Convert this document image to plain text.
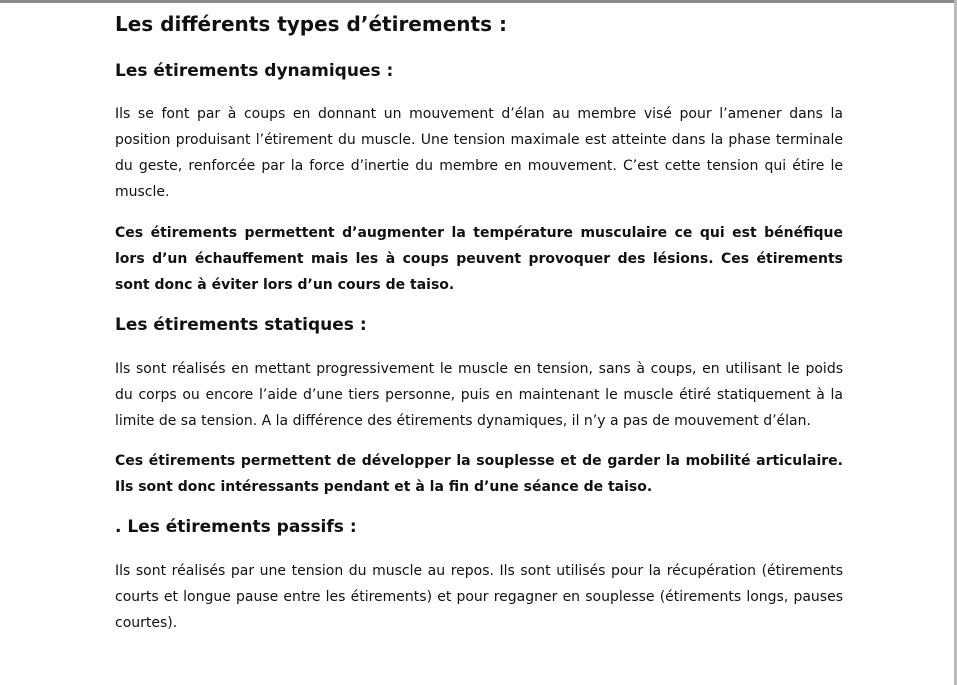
Les différents types d’étirements :
Les étirements dynamiques :

Ils se font par à coups en donnant un mouvement d’élan au membre visé pour l’amener dans la position produisant l’étirement du muscle. Une tension maximale est atteinte dans la phase terminale du geste, renforcée par la force d’inertie du membre en mouvement. C’est cette tension qui étire le muscle.

Ces étirements permettent d’augmenter la température musculaire ce qui est bénéfique lors d’un échauffement mais les à coups peuvent provoquer des lésions. Ces étirements sont donc à éviter lors d’un cours de taiso.

Les étirements statiques :

Ils sont réalisés en mettant progressivement le muscle en tension, sans à coups, en utilisant le poids du corps ou encore l’aide d’une tiers personne, puis en maintenant le muscle étiré statiquement à la limite de sa tension. A la différence des étirements dynamiques, il n’y a pas de mouvement d’élan.

Ces étirements permettent de développer la souplesse et de garder la mobilité articulaire. Ils sont donc intéressants pendant et à la fin d’une séance de taiso.

. Les étirements passifs :

Ils sont réalisés par une tension du muscle au repos. Ils sont utilisés pour la récupération (étirements courts et longue pause entre les étirements) et pour regagner en souplesse (étirements longs, pauses courtes).
